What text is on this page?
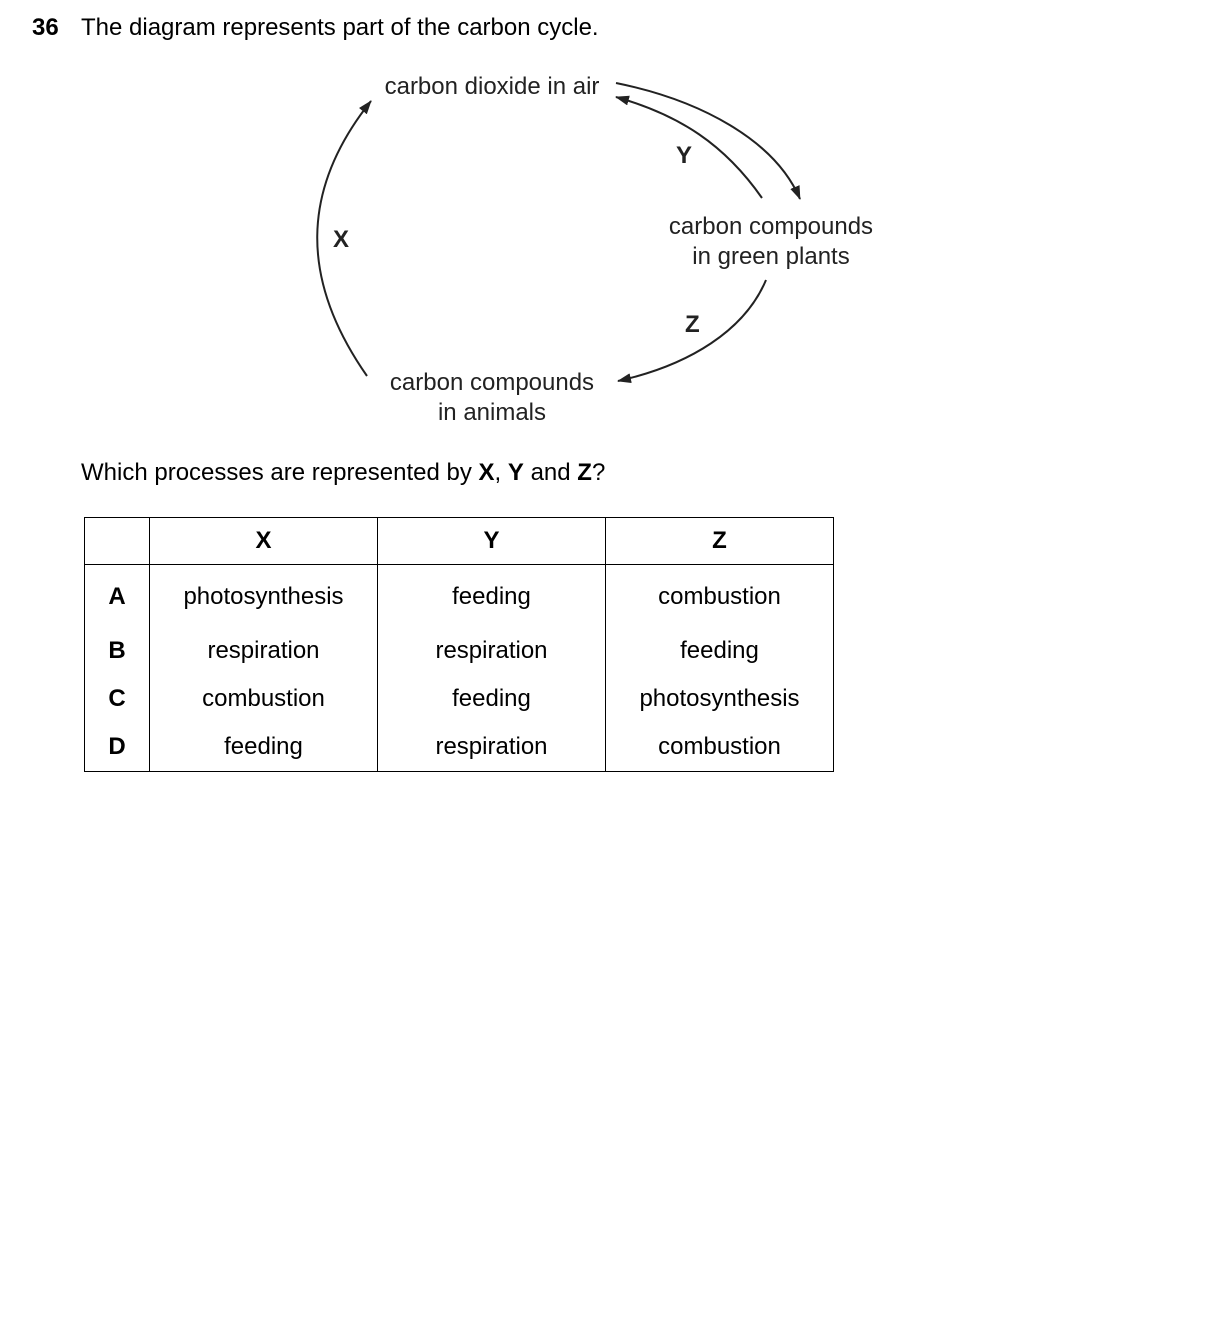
36 The diagram represents part of the carbon cycle.
carbon dioxide in air
carbon compounds
in green plants
carbon compounds
in animals
X
Y
Z
Which processes are represented by X, Y and Z?
	X	Y	Z
A	photosynthesis	feeding	combustion
B	respiration	respiration	feeding
C	combustion	feeding	photosynthesis
D	feeding	respiration	combustion
